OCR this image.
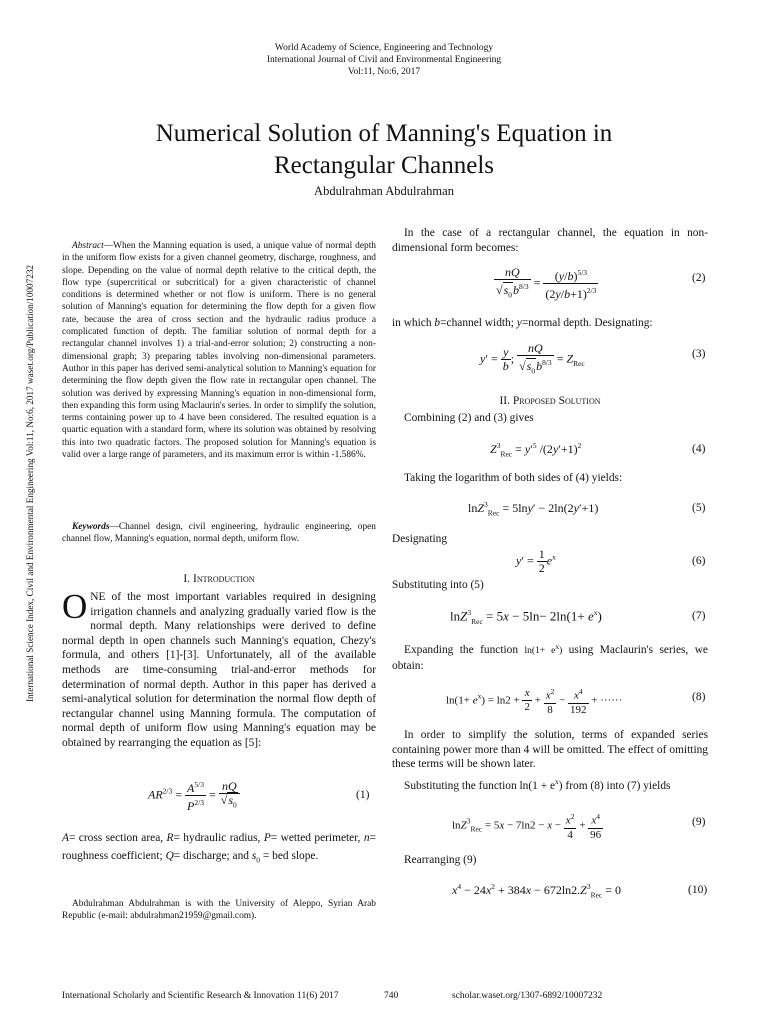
World Academy of Science, Engineering and Technology
International Journal of Civil and Environmental Engineering
Vol:11, No:6, 2017
Numerical Solution of Manning's Equation in
Rectangular Channels
Abdulrahman Abdulrahman
International Science Index, Civil and Environmental Engineering Vol:11, No:6, 2017 waset.org/Publication/10007232
Abstract—When the Manning equation is used, a unique value of normal depth in the uniform flow exists for a given channel geometry, discharge, roughness, and slope. Depending on the value of normal depth relative to the critical depth, the flow type (supercritical or subcritical) for a given characteristic of channel conditions is determined whether or not flow is uniform. There is no general solution of Manning's equation for determining the flow depth for a given flow rate, because the area of cross section and the hydraulic radius produce a complicated function of depth. The familiar solution of normal depth for a rectangular channel involves 1) a trial-and-error solution; 2) constructing a non-dimensional graph; 3) preparing tables involving non-dimensional parameters. Author in this paper has derived semi-analytical solution to Manning's equation for determining the flow depth given the flow rate in rectangular open channel. The solution was derived by expressing Manning's equation in non-dimensional form, then expanding this form using Maclaurin's series. In order to simplify the solution, terms containing power up to 4 have been considered. The resulted equation is a quartic equation with a standard form, where its solution was obtained by resolving this into two quadratic factors. The proposed solution for Manning's equation is valid over a large range of parameters, and its maximum error is within -1.586%.
Keywords—Channel design, civil engineering, hydraulic engineering, open channel flow, Manning's equation, normal depth, uniform flow.
I. Introduction
ONE of the most important variables required in designing irrigation channels and analyzing gradually varied flow is the normal depth. Many relationships were derived to define normal depth in open channels such Manning's equation, Chezy's formula, and others [1]-[3]. Unfortunately, all of the available methods are time-consuming trial-and-error methods for determination of normal depth. Author in this paper has derived a semi-analytical solution for determination the normal flow depth of rectangular channel using Manning formula. The computation of normal depth of uniform flow using Manning's equation may be obtained by rearranging the equation as [5]:
$AR^{2/3} = \frac{A^{5/3}}{P^{2/3}} = \frac{nQ}{√s_0}$	(1)
A= cross section area, R= hydraulic radius, P= wetted perimeter, n= roughness coefficient; Q= discharge; and $s_0$ = bed slope.
Abdulrahman Abdulrahman is with the University of Aleppo, Syrian Arab Republic (e-mail: abdulrahman21959@gmail.com).
In the case of a rectangular channel, the equation in non-dimensional form becomes:
$\frac{nQ}{√s_0b^{8/3}} = \frac{(y/b)^{5/3}}{(2y/b+1)^{2/3}}$	(2)
in which b=channel width; y=normal depth. Designating:
$y' = \frac{y}{b}$ ; $\frac{nQ}{√s_0b^{8/3}} = Z_{Rec}$
(3)
II. Proposed Solution
Combining (2) and (3) gives
$Z^3_{Rec} = y'^5$ $/(2y'+1)^2$	(4)
Taking the logarithm of both sides of (4) yields:
lnZ$^3_{Rec}$ = 5lny′ − 2ln(2y′+1)	(5)
Designating
$y' = \frac{1}{2} e^x$	(6)
Substituting into (5)
$\ln Z^3_{Rec} = 5x - 5\ln- 2\ln(1+ e^x)$	(7)
Expanding the function $\ln(1+ e^x)$ using Maclaurin's series, we obtain:
$\ln(1+ e^x) = \ln 2 + \frac{x}{2} + \frac{x^2}{8} - \frac{x^4}{192}$ + ······	(8)
In order to simplify the solution, terms of expanded series containing power more than 4 will be omitted. The effect of omitting these terms will be shown later.
Substituting the function $\ln(1 + e^x)$ from (8) into (7) yields
$\ln Z^3_{Rec} = 5x - 7\ln 2 - x - \frac{x^2}{4} + \frac{x^4}{96}$	(9)
Rearranging (9)
$x^4 - 24x^2 + 384x - 672\ln 2.Z^3_{Rec} = 0$	(10)
International Scholarly and Scientific Research & Innovation 11(6) 2017	740	scholar.waset.org/1307-6892/10007232
